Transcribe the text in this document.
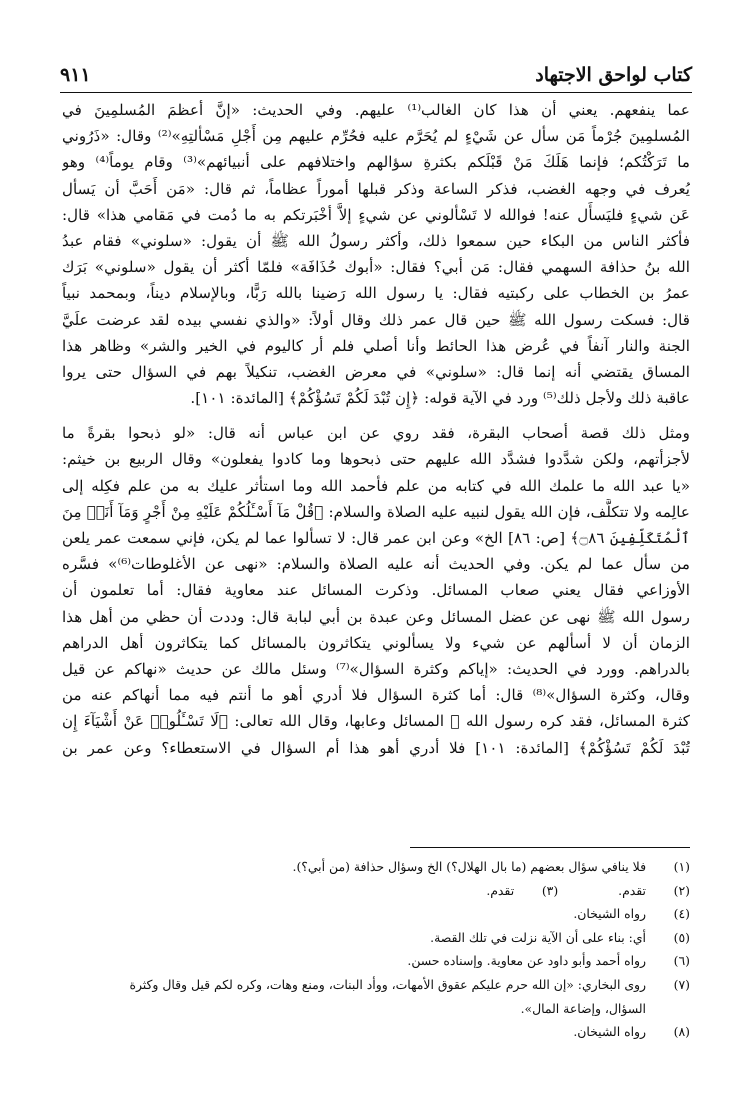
كتاب لواحق الاجتهاد
٩١١
عما ينفعهم. يعني أن هذا كان الغالب⁽¹⁾ عليهم. وفي الحديث: «إنَّ أعظمَ المُسلمِينَ في
المُسلمِينَ جُرْماً مَن سأل عن شَيْءٍ لم يُحَرَّم عليه فحُرِّم عليهم مِن أَجْلِ مَسْألتِهِ»⁽²⁾ وقال: «ذَرُوني
ما تَرَكْتُكم؛ فإنما هَلَكَ مَنْ قَبْلَكم بكثرةِ سؤالهم واختلافهم على أنبيائهم»⁽³⁾ وقام يوماً⁽⁴⁾ وهو
يُعرف في وجهه الغضب، فذكر الساعة وذكر قبلها أموراً عظاماً، ثم قال: «مَن أَحَبَّ أن يَسأل
عَن شيءٍ فليَسأَل عنه! فوالله لا تَسْألوني عن شيءٍ إلاَّ أخْبَرتكم به ما دُمت في مَقامي هذا» قال:
فأكثر الناس من البكاء حين سمعوا ذلك، وأكثر رسولُ الله ﷺ أن يقول: «سلوني» فقام عبدُ
الله بنُ حذافة السهمي فقال: مَن أبي؟ فقال: «أبوك حُذَافَة» فلمّا أكثر أن يقول «سلوني» بَرَك
عمرُ بن الخطاب على ركبتيه فقال: يا رسول الله رَضينا بالله رَبًّا، وبالإسلام ديناً، وبمحمد نبياً
قال: فسكت رسول الله ﷺ حين قال عمر ذلك وقال أولاً: «والذي نفسي بيده لقد عرضت علَيَّ
الجنة والنار آنفاً في عُرض هذا الحائط وأنا أصلي فلم أر كاليوم في الخير والشر» وظاهر هذا
المساق يقتضي أنه إنما قال: «سلوني» في معرض الغضب، تنكيلاً بهم في السؤال حتى يروا
عاقبة ذلك ولأجل ذلك⁽⁵⁾ ورد في الآية قوله: ﴿إِن تُبْدَ لَكُمْ تَسُؤْكُمْ﴾ [المائدة: ١٠١].
ومثل ذلك قصة أصحاب البقرة، فقد روي عن ابن عباس أنه قال: «لو ذبحوا بقرةً ما
لأجزأتهم، ولكن شدَّدوا فشدَّد الله عليهم حتى ذبحوها وما كادوا يفعلون» وقال الربيع بن خيثم:
«يا عبد الله ما علمك الله في كتابه من علم فأحمد الله وما استأثر عليك به من علم فكِله إلى
عالِمه ولا تتكلَّف، فإن الله يقول لنبيه عليه الصلاة والسلام: ﴿قُلْ مَآ أَسْـَٔلُكُمْ عَلَيْهِ مِنْ أَجْرٍ وَمَآ أَنَا۠ مِنَ
ٱلْمُتَكَلِّفِينَ ۝٨٦﴾ [ص: ٨٦] الخ» وعن ابن عمر قال: لا تسألوا عما لم يكن، فإني سمعت عمر يلعن
من سأل عما لم يكن. وفي الحديث أنه عليه الصلاة والسلام: «نهى عن الأغلوطات⁽⁶⁾» فسَّره
الأوزاعي فقال يعني صعاب المسائل. وذكرت المسائل عند معاوية فقال: أما تعلمون أن
رسول الله ﷺ نهى عن عضل المسائل وعن عبدة بن أبي لبابة قال: وددت أن حظي من أهل هذا
الزمان أن لا أسألهم عن شيء ولا يسألوني يتكاثرون بالمسائل كما يتكاثرون أهل الدراهم
بالدراهم. وورد في الحديث: «إياكم وكثرة السؤال»⁽⁷⁾ وسئل مالك عن حديث «نهاكم عن قيل
وقال، وكثرة السؤال»⁽⁸⁾ قال: أما كثرة السؤال فلا أدري أهو ما أنتم فيه مما أنهاكم عنه من
كثرة المسائل، فقد كره رسول الله ﷺ المسائل وعابها، وقال الله تعالى: ﴿لَا تَسْـَٔلُوا۟ عَنْ أَشْيَآءَ إِن
تُبْدَ لَكُمْ تَسُؤْكُمْ﴾ [المائدة: ١٠١] فلا أدري أهو هذا أم السؤال في الاستعطاء؟ وعن عمر بن
(١)
فلا ينافي سؤال بعضهم (ما بال الهلال؟) الخ وسؤال حذافة (من أبي؟).
(٢)
تقدم.
(٣)
تقدم.
(٤)
رواه الشيخان.
(٥)
أي: بناء على أن الآية نزلت في تلك القصة.
(٦)
رواه أحمد وأبو داود عن معاوية. وإسناده حسن.
(٧)
روى البخاري: «إن الله حرم عليكم عقوق الأمهات، ووأد البنات، ومنع وهات، وكره لكم قيل وقال وكثرة
السؤال، وإضاعة المال».
(٨)
رواه الشيخان.
